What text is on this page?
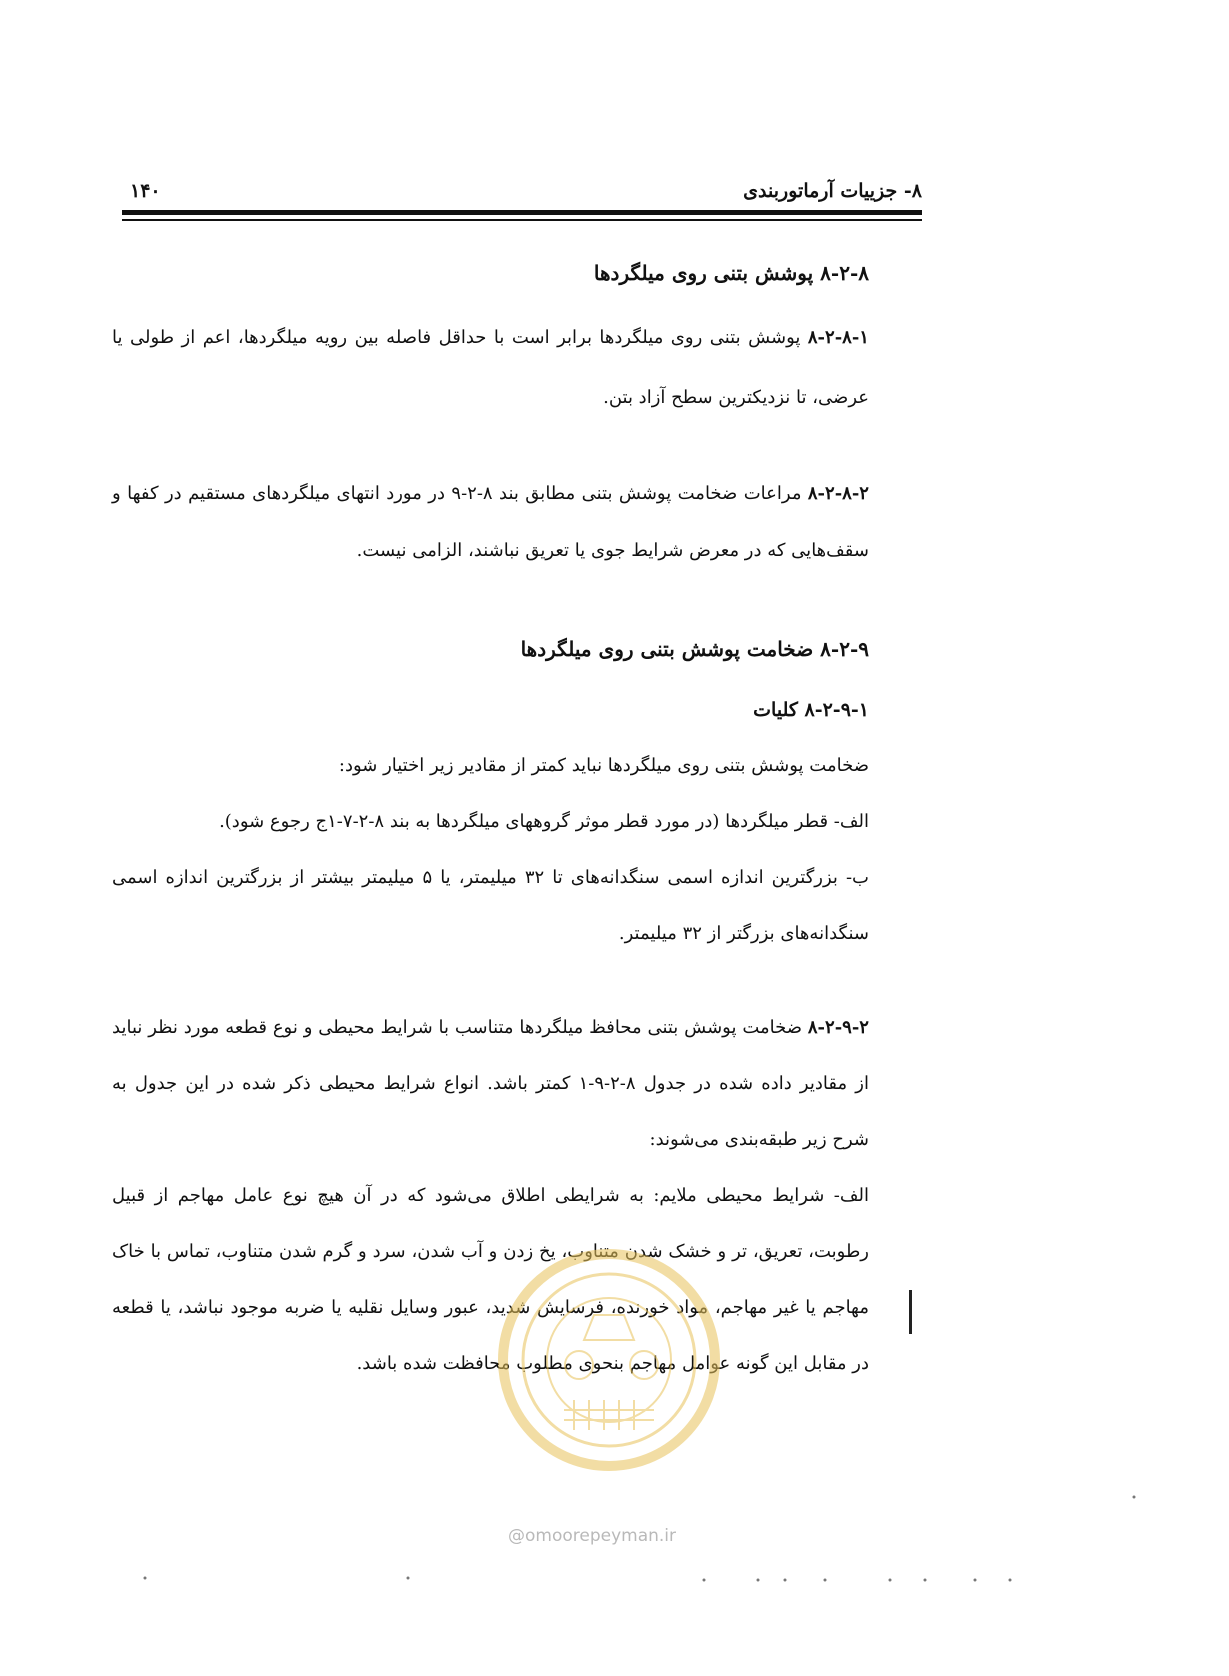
۸- جزییات آرماتوربندی
۱۴۰
۸-۲-۸ پوشش بتنی روی میلگردها

۸-۲-۸-۱ پوشش بتنی روی میلگردها برابر است با حداقل فاصله بین رویه میلگردها، اعم از طولی یا عرضی، تا نزدیکترین سطح آزاد بتن.

۸-۲-۸-۲ مراعات ضخامت پوشش بتنی مطابق بند ۸-۲-۹ در مورد انتهای میلگردهای مستقیم در کفها و سقف‌هایی که در معرض شرایط جوی یا تعریق نباشند، الزامی نیست.

۸-۲-۹ ضخامت پوشش بتنی روی میلگردها
۸-۲-۹-۱ کلیات

ضخامت پوشش بتنی روی میلگردها نباید کمتر از مقادیر زیر اختیار شود:

الف- قطر میلگردها (در مورد قطر موثر گروههای میلگردها به بند ۸-۲-۷-۱ج رجوع شود).

ب- بزرگترین اندازه اسمی سنگدانه‌های تا ۳۲ میلیمتر، یا ۵ میلیمتر بیشتر از بزرگترین اندازه اسمی سنگدانه‌های بزرگتر از ۳۲ میلیمتر.

۸-۲-۹-۲ ضخامت پوشش بتنی محافظ میلگردها متناسب با شرایط محیطی و نوع قطعه مورد نظر نباید از مقادیر داده شده در جدول ۸-۲-۹-۱ کمتر باشد. انواع شرایط محیطی ذکر شده در این جدول به شرح زیر طبقه‌بندی می‌شوند:

الف- شرایط محیطی ملایم: به شرایطی اطلاق می‌شود که در آن هیچ نوع عامل مهاجم از قبیل رطوبت، تعریق، تر و خشک شدن متناوب، یخ زدن و آب شدن، سرد و گرم شدن متناوب، تماس با خاک مهاجم یا غیر مهاجم، مواد خورنده، فرسایش شدید، عبور وسایل نقلیه یا ضربه موجود نباشد، یا قطعه در مقابل این گونه عوامل مهاجم بنحوی مطلوب محافظت شده باشد.

@omoorepeyman.ir
